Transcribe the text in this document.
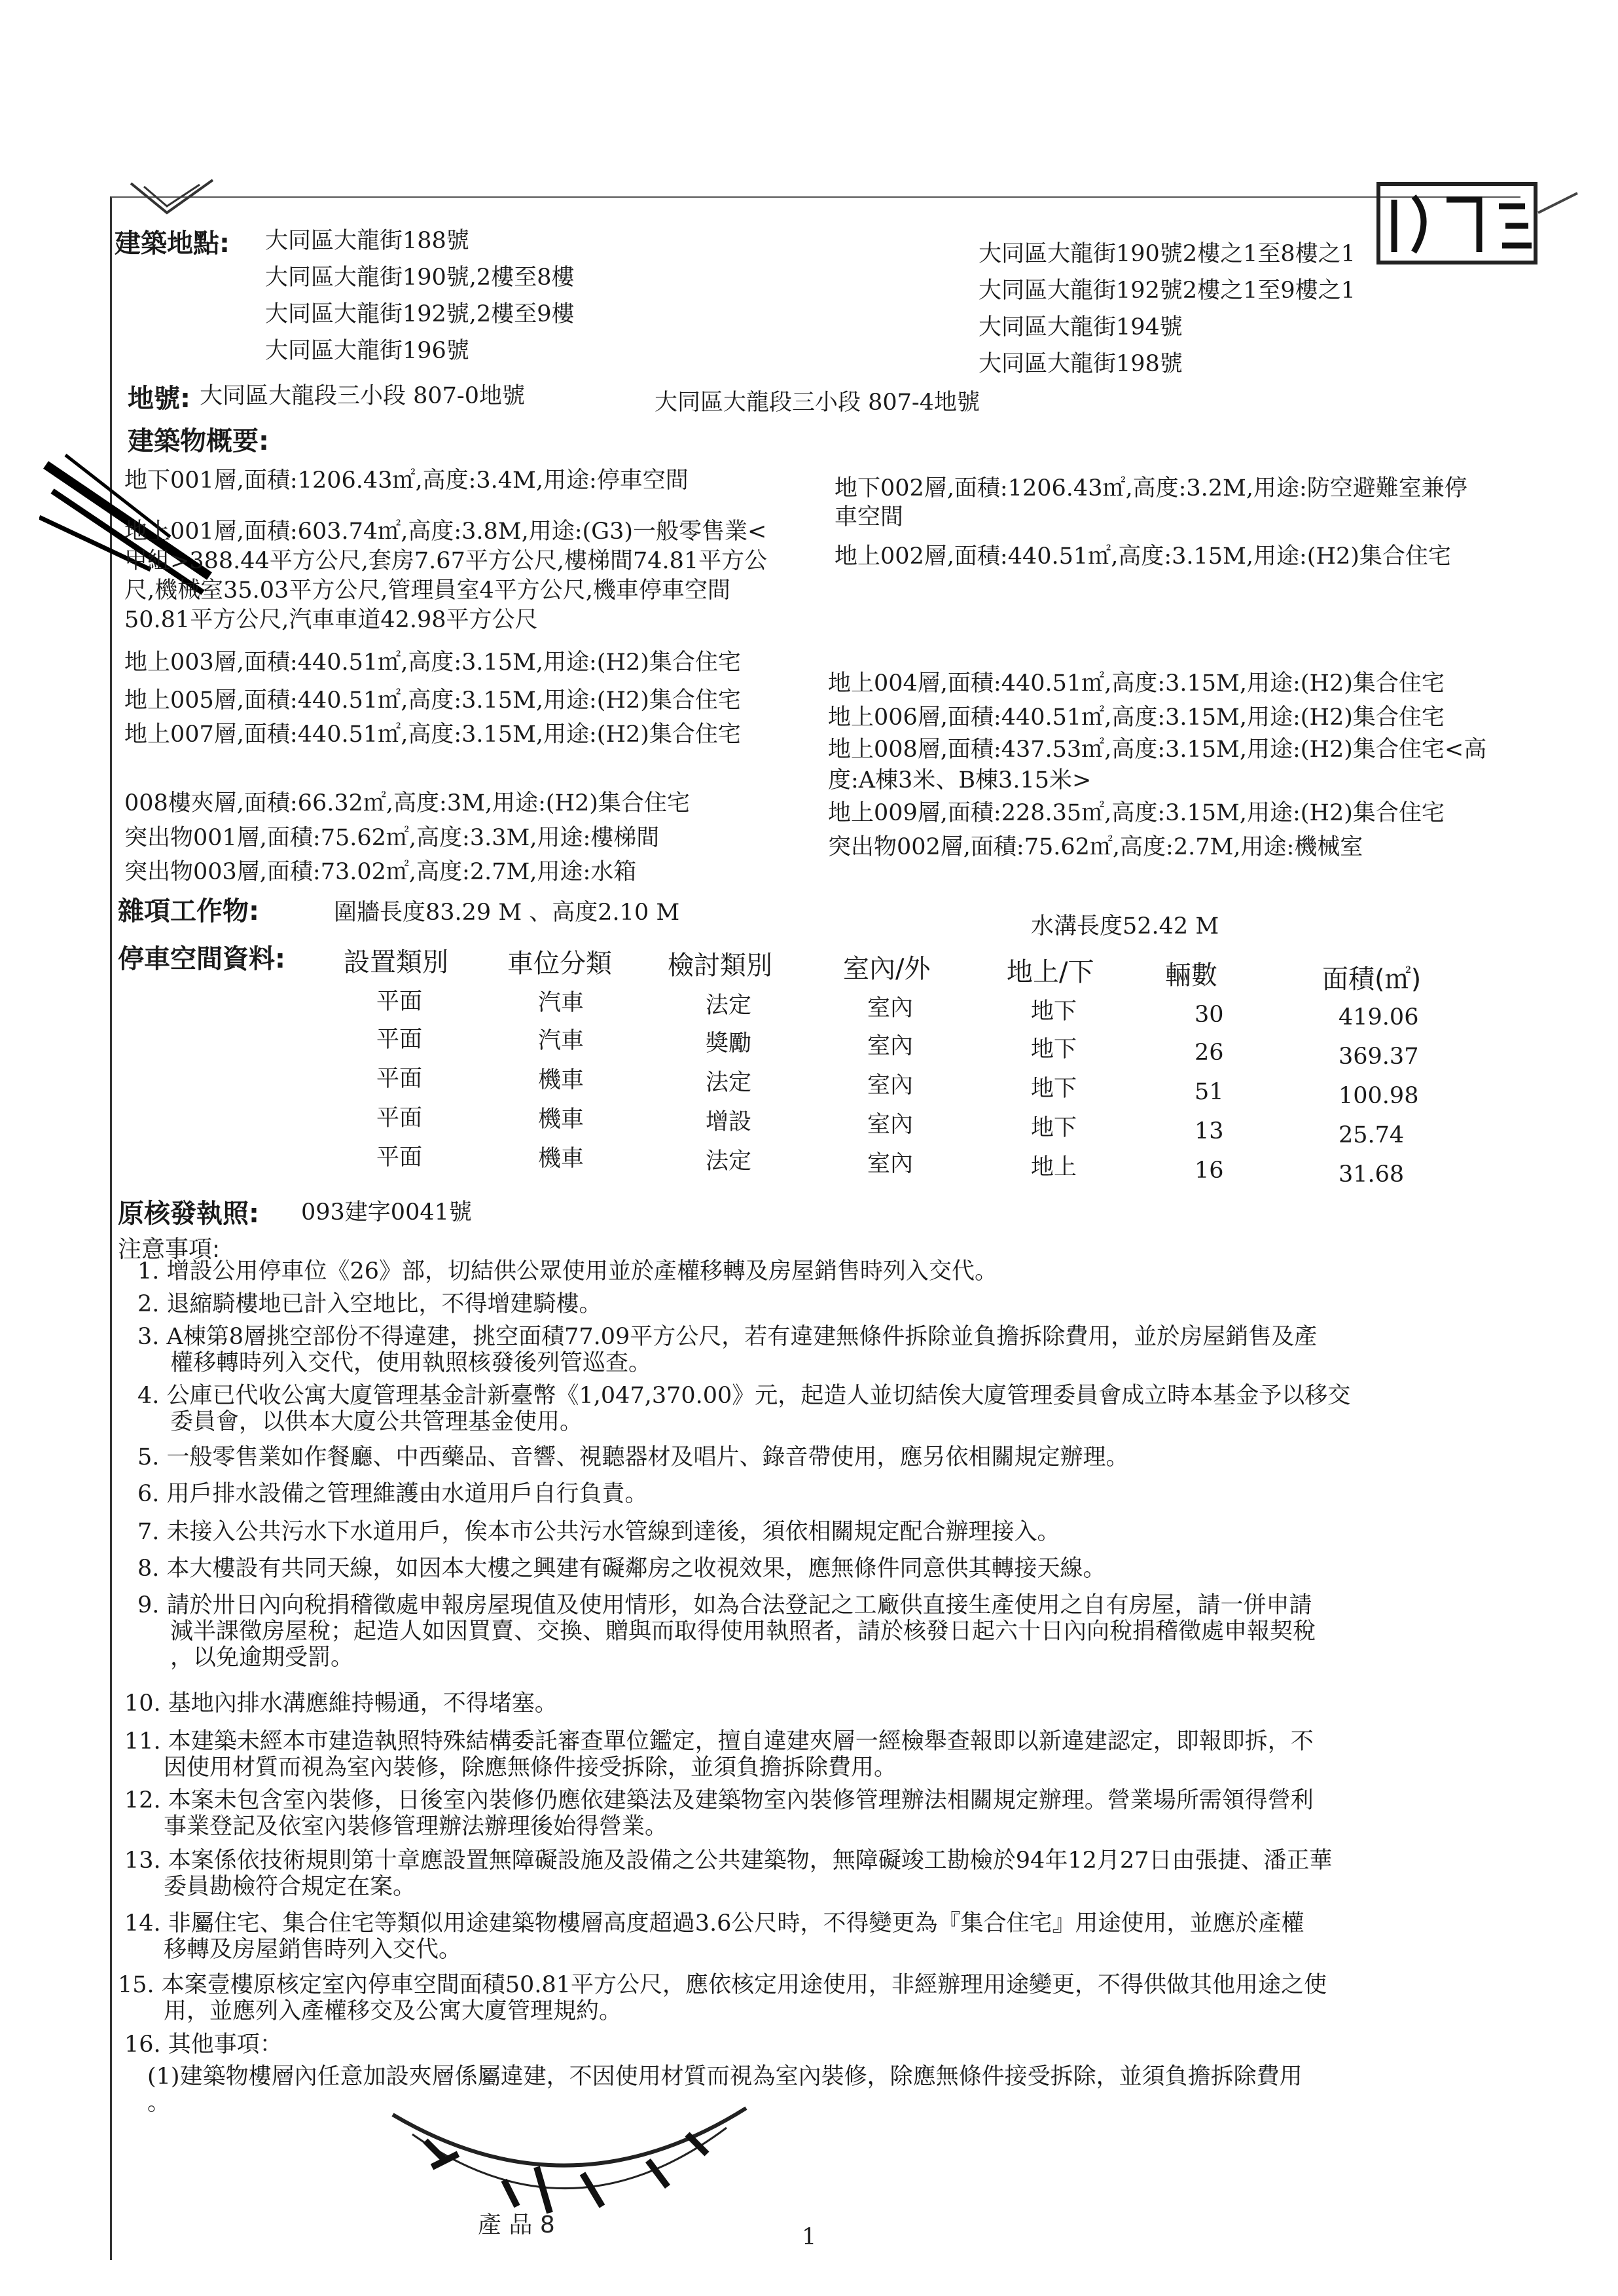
產 品 8
建築地點: 大同區大龍街188號
大同區大龍街190號,2樓至8樓
大同區大龍街192號,2樓至9樓
大同區大龍街196號
大同區大龍街190號2樓之1至8樓之1
大同區大龍街192號2樓之1至9樓之1
大同區大龍街194號
大同區大龍街198號
地號: 大同區大龍段三小段 807-0地號	大同區大龍段三小段 807-4地號
建築物概要:
地下001層,面積:1206.43㎡,高度:3.4M,用途:停車空間
地上001層,面積:603.74㎡,高度:3.8M,用途:(G3)一般零售業<
甲組>388.44平方公尺,套房7.67平方公尺,樓梯間74.81平方公
尺,機械室35.03平方公尺,管理員室4平方公尺,機車停車空間
50.81平方公尺,汽車車道42.98平方公尺
地上003層,面積:440.51㎡,高度:3.15M,用途:(H2)集合住宅
地上005層,面積:440.51㎡,高度:3.15M,用途:(H2)集合住宅
地上007層,面積:440.51㎡,高度:3.15M,用途:(H2)集合住宅
008樓夾層,面積:66.32㎡,高度:3M,用途:(H2)集合住宅
突出物001層,面積:75.62㎡,高度:3.3M,用途:樓梯間
突出物003層,面積:73.02㎡,高度:2.7M,用途:水箱
地下002層,面積:1206.43㎡,高度:3.2M,用途:防空避難室兼停
車空間
地上002層,面積:440.51㎡,高度:3.15M,用途:(H2)集合住宅
地上004層,面積:440.51㎡,高度:3.15M,用途:(H2)集合住宅
地上006層,面積:440.51㎡,高度:3.15M,用途:(H2)集合住宅
地上008層,面積:437.53㎡,高度:3.15M,用途:(H2)集合住宅<高
度:A棟3米、B棟3.15米>
地上009層,面積:228.35㎡,高度:3.15M,用途:(H2)集合住宅
突出物002層,面積:75.62㎡,高度:2.7M,用途:機械室
雜項工作物:	圍牆長度83.29 M 、高度2.10 M
水溝長度52.42 M
停車空間資料: 設置類別 車位分類 檢討類別	室內/外	地上/下	輛數	面積(㎡)
平面	汽車	法定	室內	地下	30	419.06
平面	汽車	獎勵	室內	地下	26	369.37
平面	機車	法定	室內	地下	51	100.98
平面	機車	增設	室內	地下	13	25.74
平面	機車	法定	室內	地上	16	31.68
原核發執照: 093建字0041號
注意事項:
1. 增設公用停車位《26》部，切結供公眾使用並於產權移轉及房屋銷售時列入交代。
2. 退縮騎樓地已計入空地比，不得增建騎樓。
3. A棟第8層挑空部份不得違建，挑空面積77.09平方公尺，若有違建無條件拆除並負擔拆除費用，並於房屋銷售及產
權移轉時列入交代，使用執照核發後列管巡查。
4. 公庫已代收公寓大廈管理基金計新臺幣《1,047,370.00》元，起造人並切結俟大廈管理委員會成立時本基金予以移交
委員會，以供本大廈公共管理基金使用。
5. 一般零售業如作餐廳、中西藥品、音響、視聽器材及唱片、錄音帶使用，應另依相關規定辦理。
6. 用戶排水設備之管理維護由水道用戶自行負責。
7. 未接入公共污水下水道用戶，俟本市公共污水管線到達後，須依相關規定配合辦理接入。
8. 本大樓設有共同天線，如因本大樓之興建有礙鄰房之收視效果，應無條件同意供其轉接天線。
9. 請於卅日內向稅捐稽徵處申報房屋現值及使用情形，如為合法登記之工廠供直接生產使用之自有房屋，請一併申請
減半課徵房屋稅；起造人如因買賣、交換、贈與而取得使用執照者，請於核發日起六十日內向稅捐稽徵處申報契稅
，以免逾期受罰。
10. 基地內排水溝應維持暢通，不得堵塞。
11. 本建築未經本市建造執照特殊結構委託審查單位鑑定，擅自違建夾層一經檢舉查報即以新違建認定，即報即拆，不
因使用材質而視為室內裝修，除應無條件接受拆除，並須負擔拆除費用。
12. 本案未包含室內裝修，日後室內裝修仍應依建築法及建築物室內裝修管理辦法相關規定辦理。營業場所需領得營利
事業登記及依室內裝修管理辦法辦理後始得營業。
13. 本案係依技術規則第十章應設置無障礙設施及設備之公共建築物，無障礙竣工勘檢於94年12月27日由張捷、潘正華
委員勘檢符合規定在案。
14. 非屬住宅、集合住宅等類似用途建築物樓層高度超過3.6公尺時，不得變更為『集合住宅』用途使用，並應於產權
移轉及房屋銷售時列入交代。
15. 本案壹樓原核定室內停車空間面積50.81平方公尺，應依核定用途使用，非經辦理用途變更，不得供做其他用途之使
用，並應列入產權移交及公寓大廈管理規約。
16. 其他事項：
(1)建築物樓層內任意加設夾層係屬違建，不因使用材質而視為室內裝修，除應無條件接受拆除，並須負擔拆除費用
。
1
